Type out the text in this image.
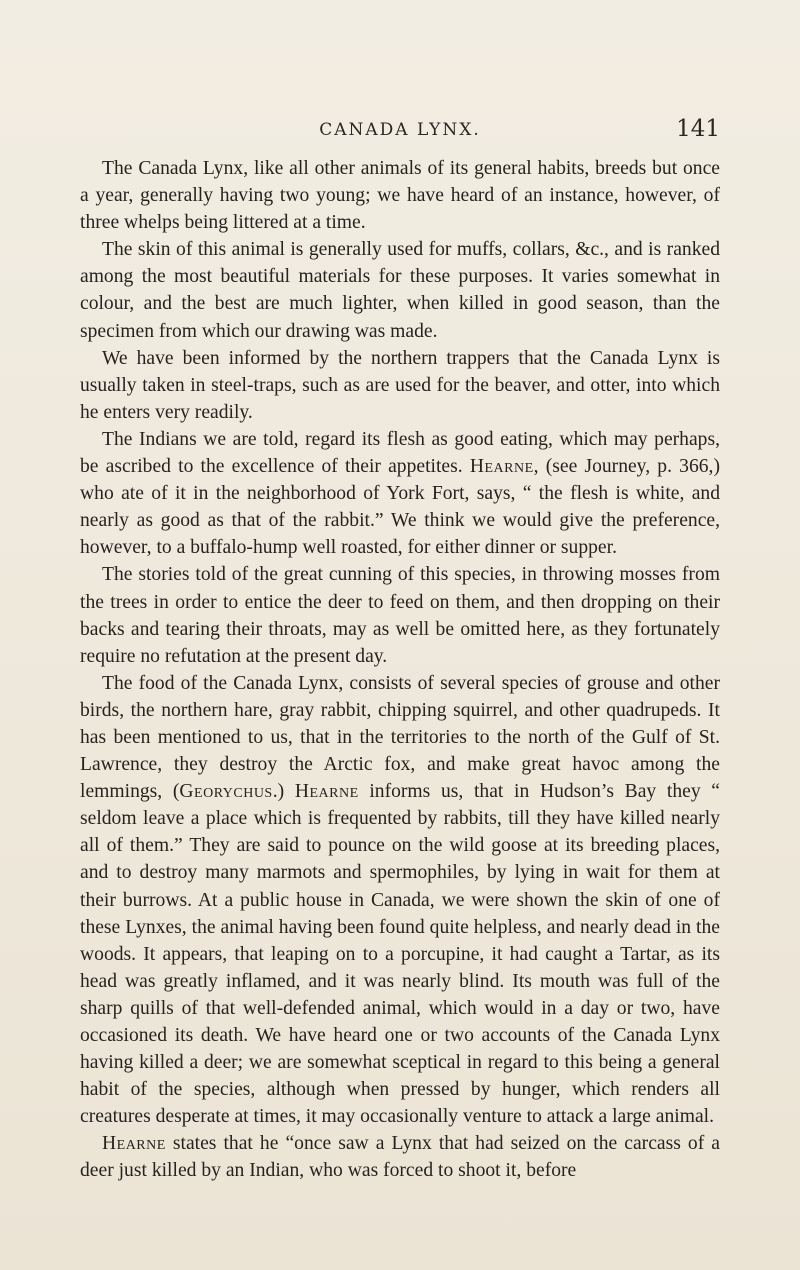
CANADA LYNX.	141

The Canada Lynx, like all other animals of its general habits, breeds but once a year, generally having two young; we have heard of an instance, however, of three whelps being littered at a time.

The skin of this animal is generally used for muffs, collars, &c., and is ranked among the most beautiful materials for these purposes. It varies somewhat in colour, and the best are much lighter, when killed in good season, than the specimen from which our drawing was made.

We have been informed by the northern trappers that the Canada Lynx is usually taken in steel-traps, such as are used for the beaver, and otter, into which he enters very readily.

The Indians we are told, regard its flesh as good eating, which may perhaps, be ascribed to the excellence of their appetites. Hearne, (see Journey, p. 366,) who ate of it in the neighborhood of York Fort, says, “ the flesh is white, and nearly as good as that of the rabbit.” We think we would give the preference, however, to a buffalo-hump well roasted, for either dinner or supper.

The stories told of the great cunning of this species, in throwing mosses from the trees in order to entice the deer to feed on them, and then dropping on their backs and tearing their throats, may as well be omitted here, as they fortunately require no refutation at the present day.

The food of the Canada Lynx, consists of several species of grouse and other birds, the northern hare, gray rabbit, chipping squirrel, and other quadrupeds. It has been mentioned to us, that in the territories to the north of the Gulf of St. Lawrence, they destroy the Arctic fox, and make great havoc among the lemmings, (Georychus.) Hearne informs us, that in Hudson’s Bay they “ seldom leave a place which is frequented by rabbits, till they have killed nearly all of them.” They are said to pounce on the wild goose at its breeding places, and to destroy many marmots and spermophiles, by lying in wait for them at their burrows. At a public house in Canada, we were shown the skin of one of these Lynxes, the animal having been found quite helpless, and nearly dead in the woods. It appears, that leaping on to a porcupine, it had caught a Tartar, as its head was greatly inflamed, and it was nearly blind. Its mouth was full of the sharp quills of that well-defended animal, which would in a day or two, have occasioned its death. We have heard one or two accounts of the Canada Lynx having killed a deer; we are somewhat sceptical in regard to this being a general habit of the species, although when pressed by hunger, which renders all creatures desperate at times, it may occasionally venture to attack a large animal.

Hearne states that he “once saw a Lynx that had seized on the carcass of a deer just killed by an Indian, who was forced to shoot it, before
